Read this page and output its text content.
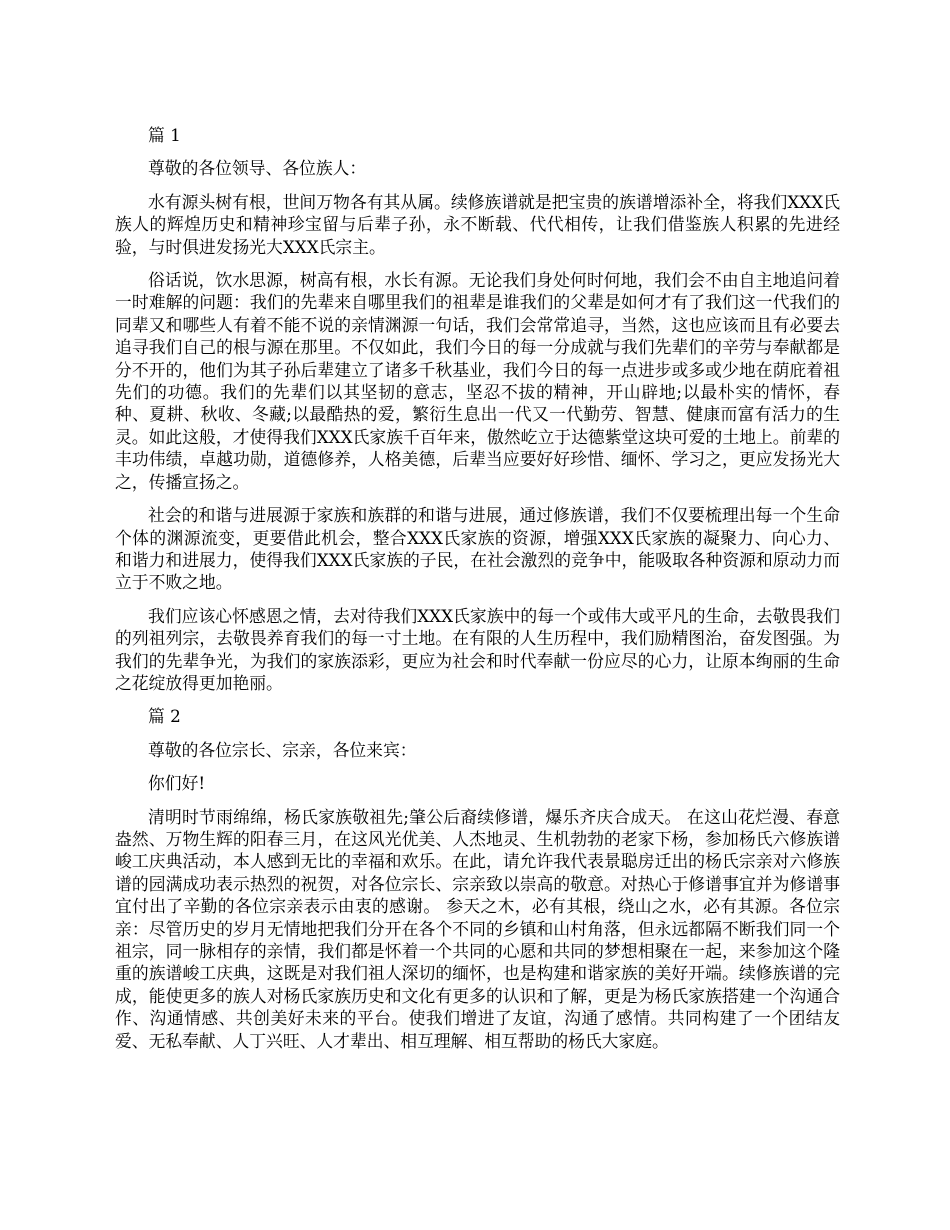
篇 1

尊敬的各位领导、各位族人：

水有源头树有根，世间万物各有其从属。续修族谱就是把宝贵的族谱增添补全，将我们XXX氏族人的辉煌历史和精神珍宝留与后辈子孙，永不断载、代代相传，让我们借鉴族人积累的先进经验，与时俱进发扬光大XXX氏宗主。

俗话说，饮水思源，树高有根，水长有源。无论我们身处何时何地，我们会不由自主地追问着一时难解的问题：我们的先辈来自哪里我们的祖辈是谁我们的父辈是如何才有了我们这一代我们的同辈又和哪些人有着不能不说的亲情渊源一句话，我们会常常追寻，当然，这也应该而且有必要去追寻我们自己的根与源在那里。不仅如此，我们今日的每一分成就与我们先辈们的辛劳与奉献都是分不开的，他们为其子孙后辈建立了诸多千秋基业，我们今日的每一点进步或多或少地在荫庇着祖先们的功德。我们的先辈们以其坚韧的意志，坚忍不拔的精神，开山辟地;以最朴实的情怀，春种、夏耕、秋收、冬藏;以最酷热的爱，繁衍生息出一代又一代勤劳、智慧、健康而富有活力的生灵。如此这般，才使得我们XXX氏家族千百年来，傲然屹立于达德紫堂这块可爱的土地上。前辈的丰功伟绩，卓越功勋，道德修养，人格美德，后辈当应要好好珍惜、缅怀、学习之，更应发扬光大之，传播宣扬之。

社会的和谐与进展源于家族和族群的和谐与进展，通过修族谱，我们不仅要梳理出每一个生命个体的渊源流变，更要借此机会，整合XXX氏家族的资源，增强XXX氏家族的凝聚力、向心力、和谐力和进展力，使得我们XXX氏家族的子民，在社会激烈的竞争中，能吸取各种资源和原动力而立于不败之地。

我们应该心怀感恩之情，去对待我们XXX氏家族中的每一个或伟大或平凡的生命，去敬畏我们的列祖列宗，去敬畏养育我们的每一寸土地。在有限的人生历程中，我们励精图治，奋发图强。为我们的先辈争光，为我们的家族添彩，更应为社会和时代奉献一份应尽的心力，让原本绚丽的生命之花绽放得更加艳丽。

篇 2

尊敬的各位宗长、宗亲，各位来宾：

你们好!

清明时节雨绵绵，杨氏家族敬祖先;肇公后裔续修谱，爆乐齐庆合成天。 在这山花烂漫、春意盎然、万物生辉的阳春三月，在这风光优美、人杰地灵、生机勃勃的老家下杨，参加杨氏六修族谱峻工庆典活动，本人感到无比的幸福和欢乐。在此，请允许我代表景聪房迁出的杨氏宗亲对六修族谱的园满成功表示热烈的祝贺，对各位宗长、宗亲致以崇高的敬意。对热心于修谱事宜并为修谱事宜付出了辛勤的各位宗亲表示由衷的感谢。 参天之木，必有其根，绕山之水，必有其源。各位宗亲：尽管历史的岁月无情地把我们分开在各个不同的乡镇和山村角落，但永远都隔不断我们同一个祖宗，同一脉相存的亲情，我们都是怀着一个共同的心愿和共同的梦想相聚在一起，来参加这个隆重的族谱峻工庆典，这既是对我们祖人深切的缅怀，也是构建和谐家族的美好开端。续修族谱的完成，能使更多的族人对杨氏家族历史和文化有更多的认识和了解，更是为杨氏家族搭建一个沟通合作、沟通情感、共创美好未来的平台。使我们增进了友谊，沟通了感情。共同构建了一个团结友爱、无私奉献、人丁兴旺、人才辈出、相互理解、相互帮助的杨氏大家庭。
